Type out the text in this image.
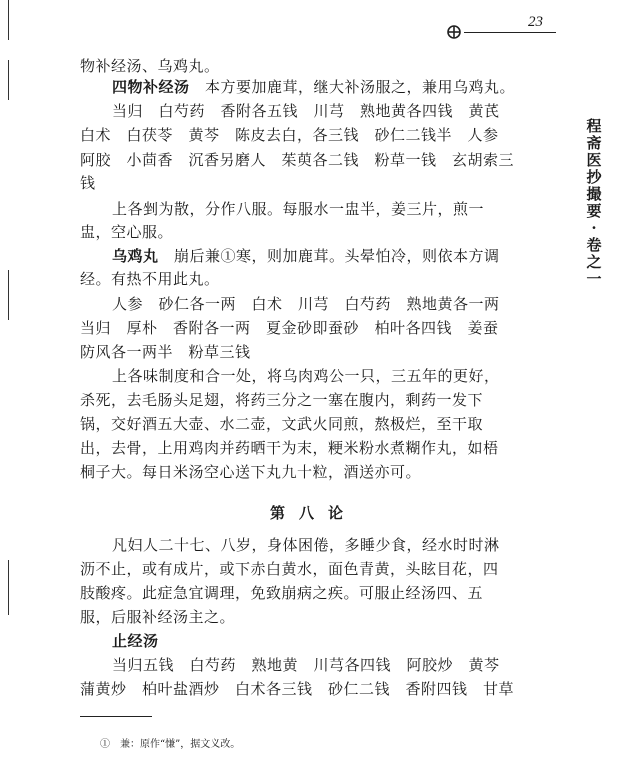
23
程斋医抄撮要·卷之一
物补经汤、乌鸡丸。
四物补经汤　本方要加鹿茸，继大补汤服之，兼用乌鸡丸。
当归　白芍药　香附各五钱　川芎　熟地黄各四钱　黄芪
白术　白茯苓　黄芩　陈皮去白，各三钱　砂仁二钱半　人参
阿胶　小茴香　沉香另磨人　茱萸各二钱　粉草一钱　玄胡索三
钱
上各剉为散，分作八服。每服水一盅半，姜三片，煎一
盅，空心服。
乌鸡丸　崩后兼①寒，则加鹿茸。头晕怕冷，则依本方调
经。有热不用此丸。
人参　砂仁各一两　白术　川芎　白芍药　熟地黄各一两
当归　厚朴　香附各一两　夏金砂即蚕砂　柏叶各四钱　姜蚕
防风各一两半　粉草三钱
上各味制度和合一处，将乌肉鸡公一只，三五年的更好，
杀死，去毛肠头足翅，将药三分之一塞在腹内，剩药一发下
锅，交好酒五大壶、水二壶，文武火同煎，熬极烂，至干取
出，去骨，上用鸡肉并药晒干为末，粳米粉水煮糊作丸，如梧
桐子大。每日米汤空心送下丸九十粒，酒送亦可。
第八论
凡妇人二十七、八岁，身体困倦，多睡少食，经水时时淋
沥不止，或有成片，或下赤白黄水，面色青黄，头眩目花，四
肢酸疼。此症急宜调理，免致崩病之疾。可服止经汤四、五
服，后服补经汤主之。
止经汤
当归五钱　白芍药　熟地黄　川芎各四钱　阿胶炒　黄芩
蒲黄炒　柏叶盐酒炒　白术各三钱　砂仁二钱　香附四钱　甘草
①　兼：原作“慊”，据文义改。
